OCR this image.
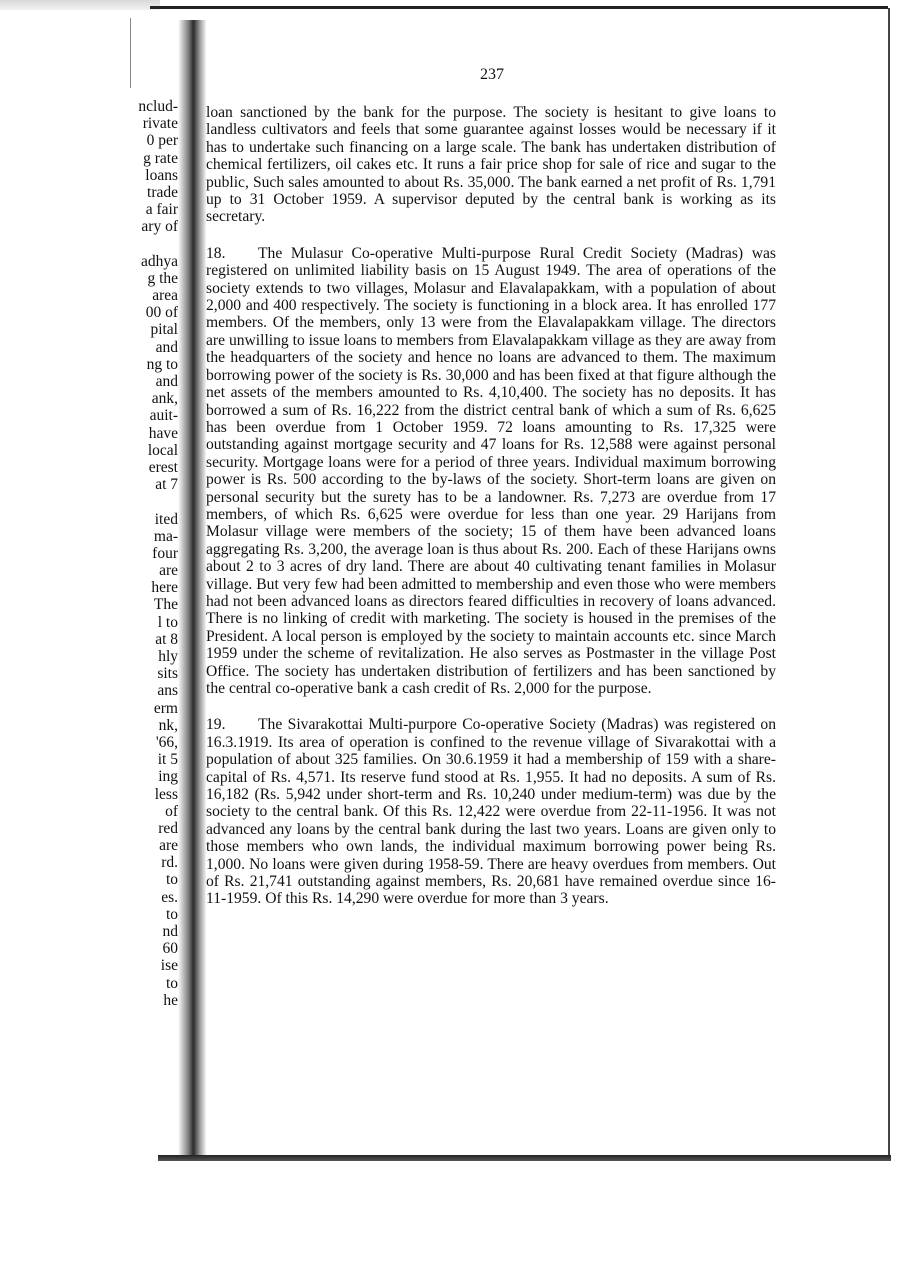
nclud-
rivate
0 per
g rate
loans
trade
a fair
ary of
adhya
g the
area
00 of
pital
and
ng to
and
ank,
auit-
have
local
erest
at 7
ited
ma-
four
are
here
The
l to
at 8
hly
sits
ans
erm
nk,
'66,
it 5
ing
less
of
red
are
rd.
to
es.
to
nd
60
ise
to
he
237

loan sanctioned by the bank for the purpose. The society is hesitant to give loans to landless cultivators and feels that some guarantee against losses would be necessary if it has to undertake such financing on a large scale. The bank has undertaken distribution of chemical fertilizers, oil cakes etc. It runs a fair price shop for sale of rice and sugar to the public, Such sales amounted to about Rs. 35,000. The bank earned a net profit of Rs. 1,791 up to 31 October 1959. A supervisor deputed by the central bank is working as its secretary.

18. The Mulasur Co-operative Multi-purpose Rural Credit Society (Madras) was registered on unlimited liability basis on 15 August 1949. The area of operations of the society extends to two villages, Molasur and Elavalapakkam, with a population of about 2,000 and 400 respectively. The society is functioning in a block area. It has enrolled 177 members. Of the members, only 13 were from the Elavalapakkam village. The directors are unwilling to issue loans to members from Elavalapakkam village as they are away from the headquarters of the society and hence no loans are advanced to them. The maximum borrowing power of the society is Rs. 30,000 and has been fixed at that figure although the net assets of the members amounted to Rs. 4,10,400. The society has no deposits. It has borrowed a sum of Rs. 16,222 from the district central bank of which a sum of Rs. 6,625 has been overdue from 1 October 1959. 72 loans amounting to Rs. 17,325 were outstanding against mortgage security and 47 loans for Rs. 12,588 were against personal security. Mortgage loans were for a period of three years. Individual maximum borrowing power is Rs. 500 according to the by-laws of the society. Short-term loans are given on personal security but the surety has to be a landowner. Rs. 7,273 are overdue from 17 members, of which Rs. 6,625 were overdue for less than one year. 29 Harijans from Molasur village were members of the society; 15 of them have been advanced loans aggregating Rs. 3,200, the average loan is thus about Rs. 200. Each of these Harijans owns about 2 to 3 acres of dry land. There are about 40 cultivating tenant families in Molasur village. But very few had been admitted to membership and even those who were members had not been advanced loans as directors feared difficulties in recovery of loans advanced. There is no linking of credit with marketing. The society is housed in the premises of the President. A local person is employed by the society to maintain accounts etc. since March 1959 under the scheme of revitalization. He also serves as Postmaster in the village Post Office. The society has undertaken distribution of fertilizers and has been sanctioned by the central co-operative bank a cash credit of Rs. 2,000 for the purpose.

19. The Sivarakottai Multi-purpore Co-operative Society (Madras) was registered on 16.3.1919. Its area of operation is confined to the revenue village of Sivarakottai with a population of about 325 families. On 30.6.1959 it had a membership of 159 with a share-capital of Rs. 4,571. Its reserve fund stood at Rs. 1,955. It had no deposits. A sum of Rs. 16,182 (Rs. 5,942 under short-term and Rs. 10,240 under medium-term) was due by the society to the central bank. Of this Rs. 12,422 were overdue from 22-11-1956. It was not advanced any loans by the central bank during the last two years. Loans are given only to those members who own lands, the individual maximum borrowing power being Rs. 1,000. No loans were given during 1958-59. There are heavy overdues from members. Out of Rs. 21,741 outstanding against members, Rs. 20,681 have remained overdue since 16-11-1959. Of this Rs. 14,290 were overdue for more than 3 years.
